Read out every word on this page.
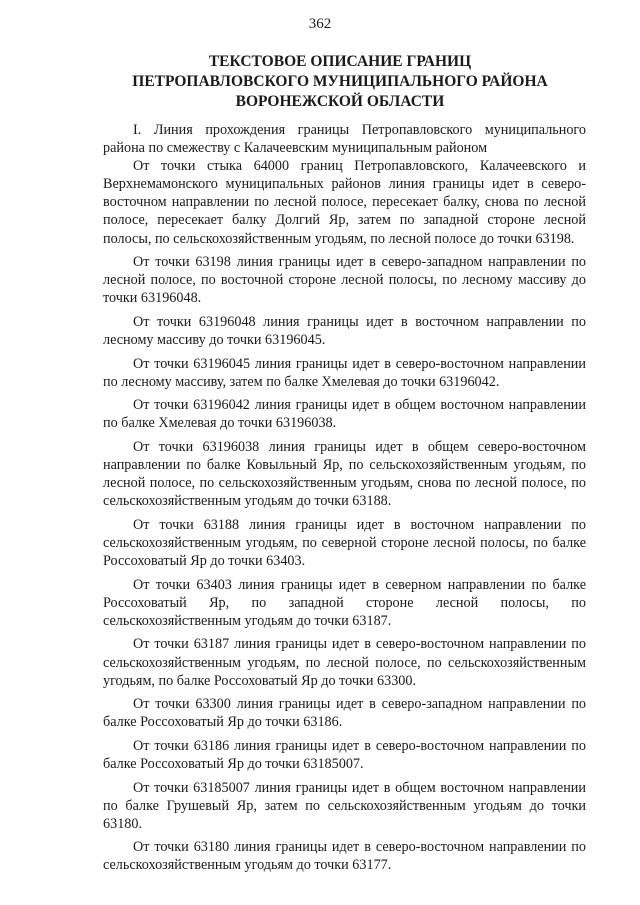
362
ТЕКСТОВОЕ ОПИСАНИЕ ГРАНИЦ
ПЕТРОПАВЛОВСКОГО МУНИЦИПАЛЬНОГО РАЙОНА
ВОРОНЕЖСКОЙ ОБЛАСТИ

I. Линия прохождения границы Петропавловского муниципального района по смежеству с Калачеевским муниципальным районом

От точки стыка 64000 границ Петропавловского, Калачеевского и Верхнемамонского муниципальных районов линия границы идет в северо-восточном направлении по лесной полосе, пересекает балку, снова по лесной полосе, пересекает балку Долгий Яр, затем по западной стороне лесной полосы, по сельскохозяйственным угодьям, по лесной полосе до точки 63198.

От точки 63198 линия границы идет в северо-западном направлении по лесной полосе, по восточной стороне лесной полосы, по лесному массиву до точки 63196048.

От точки 63196048 линия границы идет в восточном направлении по лесному массиву до точки 63196045.

От точки 63196045 линия границы идет в северо-восточном направлении по лесному массиву, затем по балке Хмелевая до точки 63196042.

От точки 63196042 линия границы идет в общем восточном направлении по балке Хмелевая до точки 63196038.

От точки 63196038 линия границы идет в общем северо-восточном направлении по балке Ковыльный Яр, по сельскохозяйственным угодьям, по лесной полосе, по сельскохозяйственным угодьям, снова по лесной полосе, по сельскохозяйственным угодьям до точки 63188.

От точки 63188 линия границы идет в восточном направлении по сельскохозяйственным угодьям, по северной стороне лесной полосы, по балке Россоховатый Яр до точки 63403.

От точки 63403 линия границы идет в северном направлении по балке Россоховатый Яр, по западной стороне лесной полосы, по сельскохозяйственным угодьям до точки 63187.

От точки 63187 линия границы идет в северо-восточном направлении по сельскохозяйственным угодьям, по лесной полосе, по сельскохозяйственным угодьям, по балке Россоховатый Яр до точки 63300.

От точки 63300 линия границы идет в северо-западном направлении по балке Россоховатый Яр до точки 63186.

От точки 63186 линия границы идет в северо-восточном направлении по балке Россоховатый Яр до точки 63185007.

От точки 63185007 линия границы идет в общем восточном направлении по балке Грушевый Яр, затем по сельскохозяйственным угодьям до точки 63180.

От точки 63180 линия границы идет в северо-восточном направлении по сельскохозяйственным угодьям до точки 63177.
